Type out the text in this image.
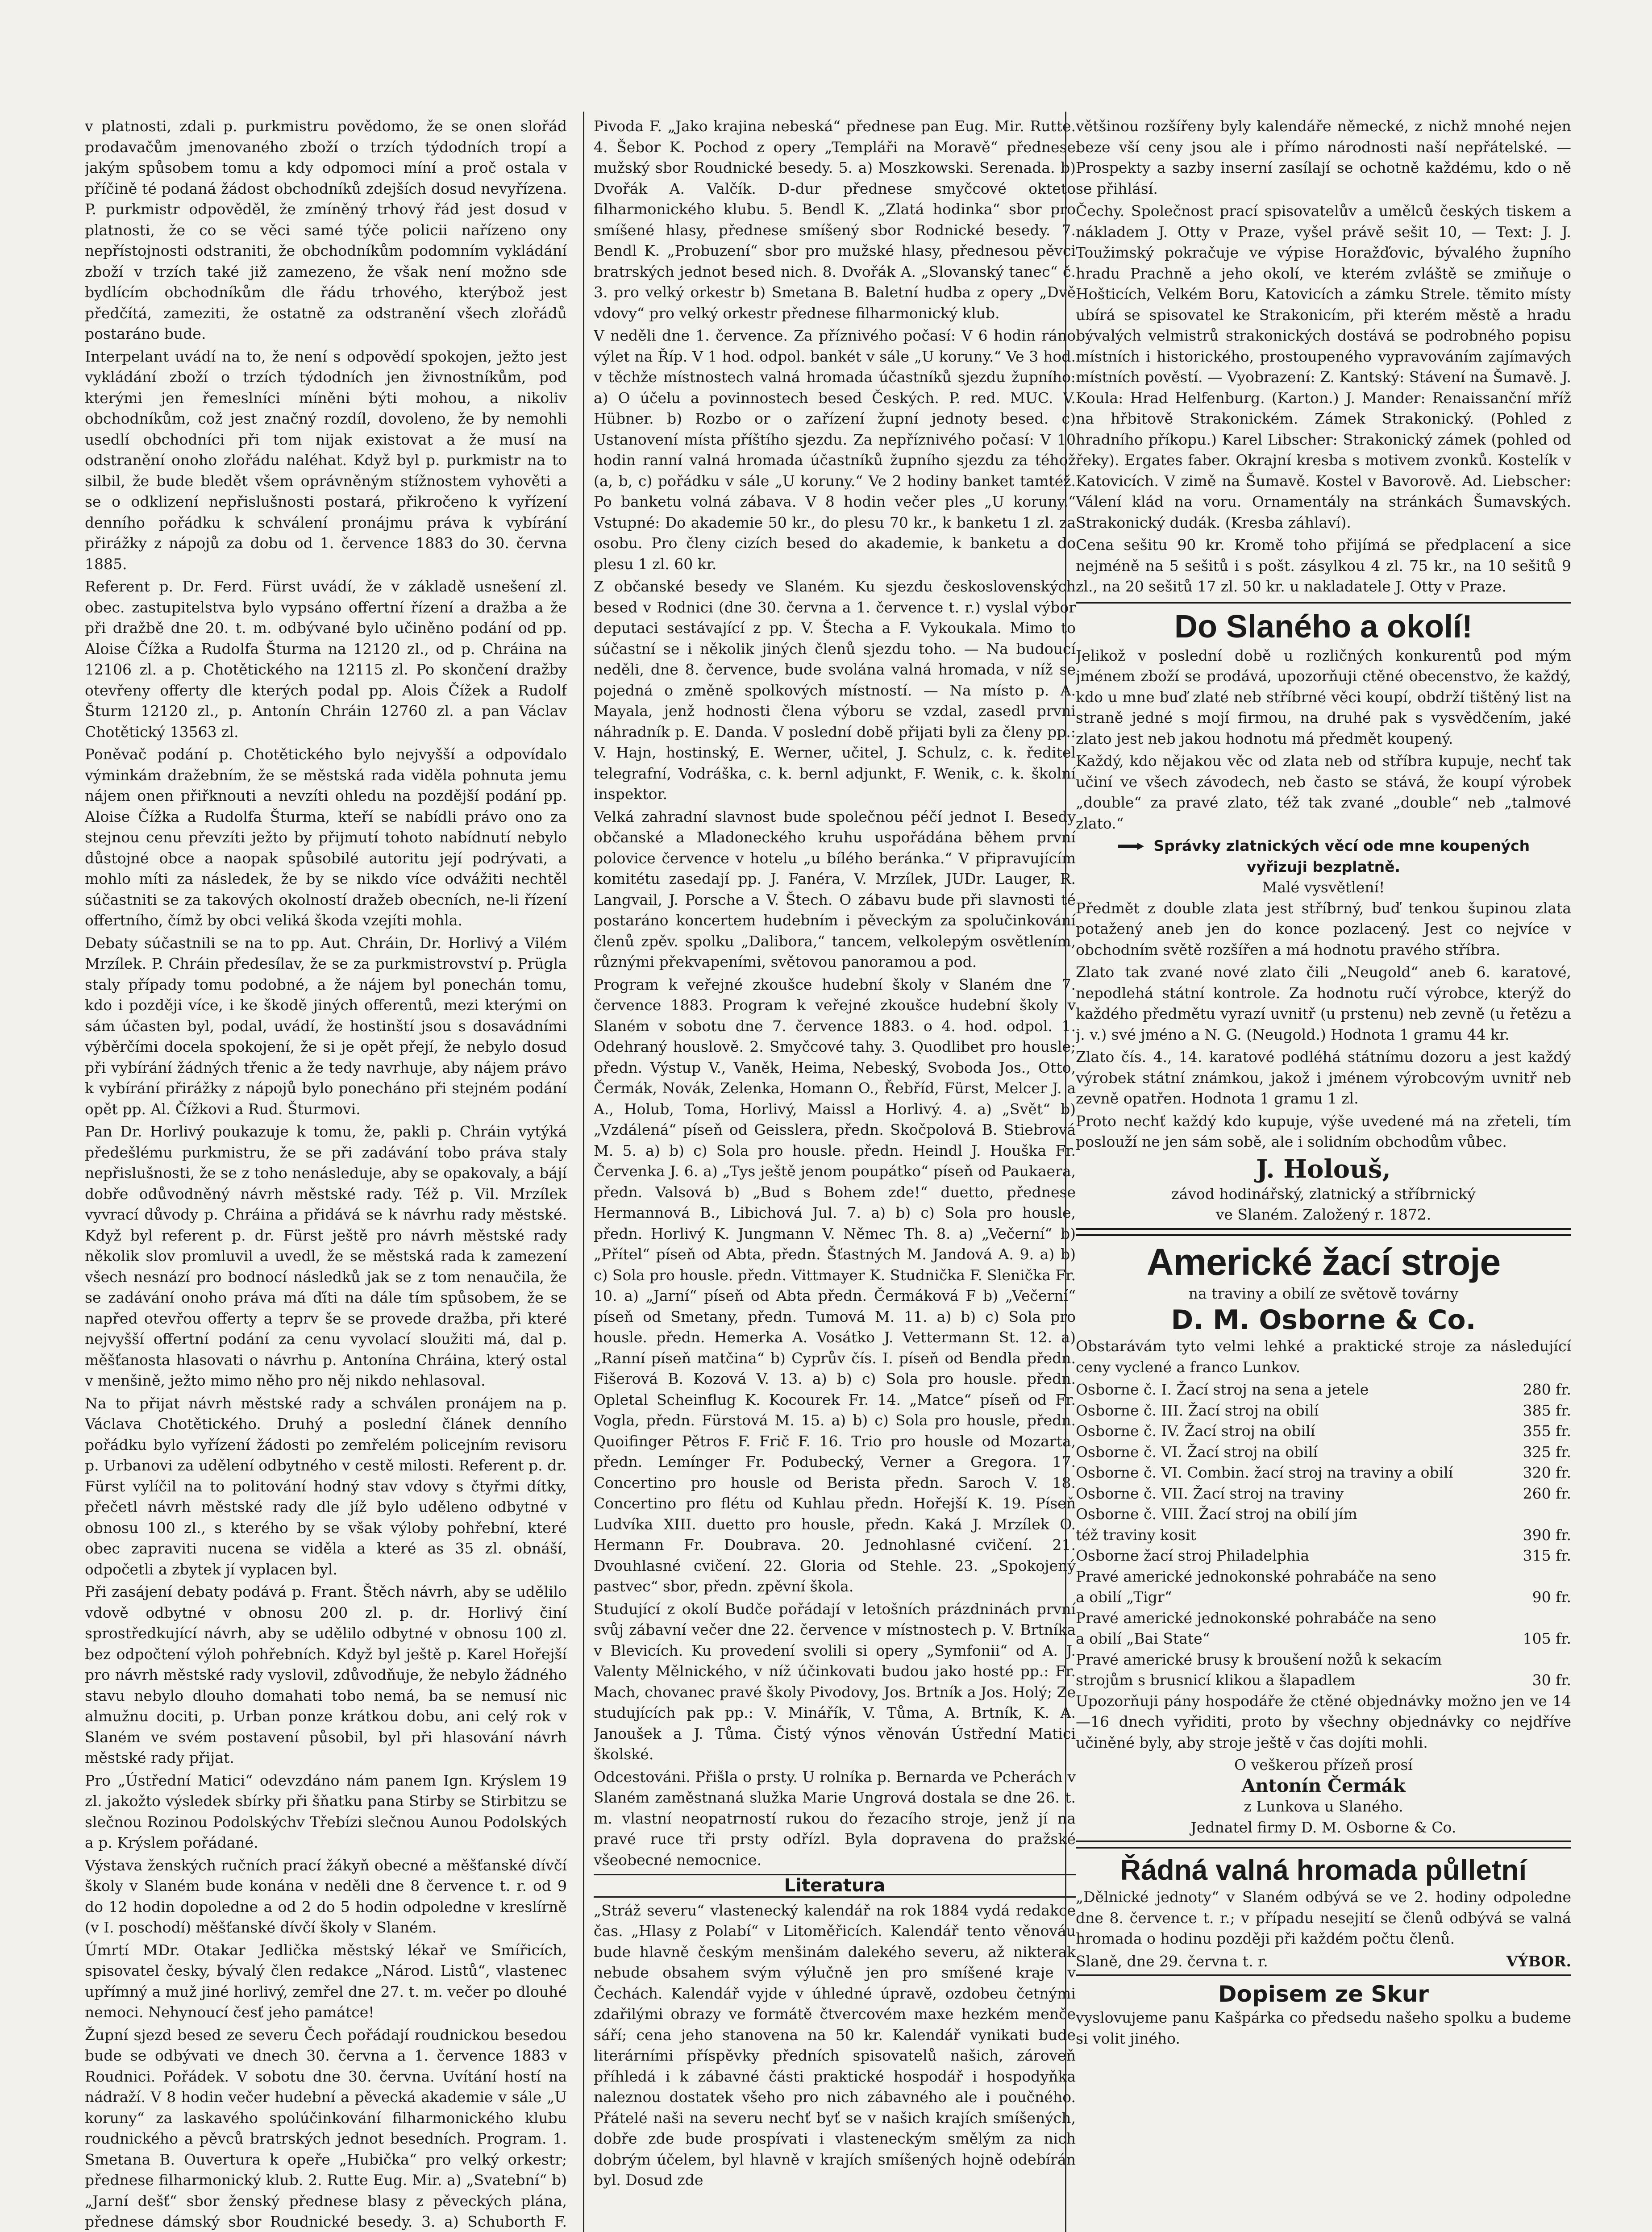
v platnosti, zdali p. purkmistru povědomo, že se onen slořád prodavačům jmenovaného zboží o trzích týdodních tropí a jakým spůsobem tomu a kdy odpomoci míní a proč ostala v příčině té podaná žádost obchodníků zdejších dosud nevyřízena. P. purkmistr odpověděl, že zmíněný trhový řád jest dosud v platnosti, že co se věci samé týče policii nařízeno ony nepřístojnosti odstraniti, že obchodníkům podomním vykládání zboží v trzích také již zamezeno, že však není možno sde bydlícím obchodníkům dle řádu trhového, kterýbož jest předčítá, zameziti, že ostatně za odstranění všech zlořádů postaráno bude.

Interpelant uvádí na to, že není s odpovědí spokojen, ježto jest vykládání zboží o trzích týdodních jen živnostníkům, pod kterými jen řemeslníci míněni býti mohou, a nikoliv obchodníkům, což jest značný rozdíl, dovoleno, že by nemohli usedlí obchodníci při tom nijak existovat a že musí na odstranění onoho zlořádu naléhat. Když byl p. purkmistr na to silbil, že bude bledět všem oprávněným stížnostem vyhověti a se o odklizení nepřislušnosti postará, přikročeno k vyřízení denního pořádku k schválení pronájmu práva k vybírání přirážky z nápojů za dobu od 1. července 1883 do 30. června 1885.

Referent p. Dr. Ferd. Fürst uvádí, že v základě usnešení zl. obec. zastupitelstva bylo vypsáno offertní řízení a dražba a že při dražbě dne 20. t. m. odbývané bylo učiněno podání od pp. Aloise Čížka a Rudolfa Šturma na 12120 zl., od p. Chráina na 12106 zl. a p. Chotětického na 12115 zl. Po skončení dražby otevřeny offerty dle kterých podal pp. Alois Čížek a Rudolf Šturm 12120 zl., p. Antonín Chráin 12760 zl. a pan Václav Chotětický 13563 zl.

Poněvač podání p. Chotětického bylo nejvyšší a odpovídalo výminkám dražebním, že se městská rada viděla pohnuta jemu nájem onen přiřknouti a nevzíti ohledu na pozdější podání pp. Aloise Čížka a Rudolfa Šturma, kteří se nabídli právo ono za stejnou cenu převzíti ježto by přijmutí tohoto nabídnutí nebylo důstojné obce a naopak spůsobilé autoritu její podrývati, a mohlo míti za následek, že by se nikdo více odvážiti nechtěl súčastniti se za takových okolností dražeb obecních, ne-li řízení offertního, čímž by obci veliká škoda vzejíti mohla.

Debaty súčastnili se na to pp. Aut. Chráin, Dr. Horlivý a Vilém Mrzílek. P. Chráin předesílav, že se za purkmistrovství p. Prügla staly případy tomu podobné, a že nájem byl ponechán tomu, kdo i později více, i ke škodě jiných offerentů, mezi kterými on sám účasten byl, podal, uvádí, že hostinští jsou s dosavádními výběrčími docela spokojení, že si je opět přejí, že nebylo dosud při vybírání žádných třenic a že tedy navrhuje, aby nájem právo k vybírání přirážky z nápojů bylo ponecháno při stejném podání opět pp. Al. Čížkovi a Rud. Šturmovi.

Pan Dr. Horlivý poukazuje k tomu, že, pakli p. Chráin vytýká předešlému purkmistru, že se při zadávání tobo práva staly nepřislušnosti, že se z toho nenásleduje, aby se opakovaly, a bájí dobře odůvodněný návrh městské rady. Též p. Vil. Mrzílek vyvrací důvody p. Chráina a přidává se k návrhu rady městské. Když byl referent p. dr. Fürst ještě pro návrh městské rady několik slov promluvil a uvedl, že se městská rada k zamezení všech nesnází pro bodnocí následků jak se z tom nenaučila, že se zadávání onoho práva má ďíti na dále tím spůsobem, že se napřed otevřou offerty a teprv še se provede dražba, při které nejvyšší offertní podání za cenu vyvolací sloužiti má, dal p. měšťanosta hlasovati o návrhu p. Antonína Chráina, který ostal v menšině, ježto mimo něho pro něj nikdo nehlasoval.

Na to přijat návrh městské rady a schválen pronájem na p. Václava Chotětického. Druhý a poslední článek denního pořádku bylo vyřízení žádosti po zemřelém policejním revisoru p. Urbanovi za udělení odbytného v cestě milosti. Referent p. dr. Fürst vylíčil na to politování hodný stav vdovy s čtyřmi dítky, přečetl návrh městské rady dle jíž bylo uděleno odbytné v obnosu 100 zl., s kterého by se však výloby pohřební, které obec zapraviti nucena se viděla a které as 35 zl. obnáší, odpočetli a zbytek jí vyplacen byl.

Při zasájení debaty podává p. Frant. Štěch návrh, aby se udělilo vdově odbytné v obnosu 200 zl. p. dr. Horlivý činí sprostředkující návrh, aby se udělilo odbytné v obnosu 100 zl. bez odpočtení výloh pohřebních. Když byl ještě p. Karel Hořejší pro návrh městské rady vyslovil, zdůvodňuje, že nebylo žádného stavu nebylo dlouho domahati tobo nemá, ba se nemusí nic almužnu dociti, p. Urban ponze krátkou dobu, ani celý rok v Slaném ve svém postavení působil, byl při hlasování návrh městské rady přijat.

Pro „Ústřední Matici“ odevzdáno nám panem Ign. Krýslem 19 zl. jakožto výsledek sbírky při šňatku pana Stirby se Stirbitzu se slečnou Rozinou Podolskýchv Třebízi slečnou Aunou Podolských a p. Krýslem pořádané.

Výstava ženských ručních prací žákyň obecné a měšťanské dívčí školy v Slaném bude konána v neděli dne 8 července t. r. od 9 do 12 hodin dopoledne a od 2 do 5 hodin odpoledne v kreslírně (v I. poschodí) měšťanské dívčí školy v Slaném.

Úmrtí MDr. Otakar Jedlička městský lékař ve Smířicích, spisovatel česky, bývalý člen redakce „Národ. Listů“, vlastenec upřímný a muž jiné horlivý, zemřel dne 27. t. m. večer po dlouhé nemoci. Nehynoucí česť jeho památce!

Župní sjezd besed ze severu Čech pořádají roudnickou besedou bude se odbývati ve dnech 30. června a 1. července 1883 v Roudnici. Pořádek. V sobotu dne 30. června. Uvítání hostí na nádraží. V 8 hodin večer hudební a pěvecká akademie v sále „U koruny“ za laskavého spolúčinkování filharmonického klubu roudnického a pěvců bratrských jednot besedních. Program. 1. Smetana B. Ouvertura k opeře „Hubička“ pro velký orkestr; přednese filharmonický klub. 2. Rutte Eug. Mir. a) „Svatební“ b) „Jarní dešť“ sbor ženský přednese blasy z pěveckých plána, přednese dámský sbor Roudnické besedy. 3. a) Schuborth F.

Pivoda F. „Jako krajina nebeská“ přednese pan Eug. Mir. Rutte. 4. Šebor K. Pochod z opery „Templáři na Moravě“ přednese mužský sbor Roudnické besedy. 5. a) Moszkowski. Serenada. b) Dvořák A. Valčík. D-dur přednese smyčcové okteto filharmonického klubu. 5. Bendl K. „Zlatá hodinka“ sbor pro smíšené hlasy, přednese smíšený sbor Rodnické besedy. 7. Bendl K. „Probuzení“ sbor pro mužské hlasy, přednesou pěvci bratrských jednot besed nich. 8. Dvořák A. „Slovanský tanec“ č. 3. pro velký orkestr b) Smetana B. Baletní hudba z opery „Dvě vdovy“ pro velký orkestr přednese filharmonický klub.

V neděli dne 1. července. Za příznivého počasí: V 6 hodin ráno výlet na Říp. V 1 hod. odpol. bankét v sále „U koruny.“ Ve 3 hod. v těchže místnostech valná hromada účastníků sjezdu župního: a) O účelu a povinnostech besed Českých. P. red. MUC. V. Hübner. b) Rozbo or o zařízení župní jednoty besed. c) Ustanovení místa příštího sjezdu. Za nepříznivého počasí: V 10 hodin ranní valná hromada účastníků župního sjezdu za téhož (a, b, c) pořádku v sále „U koruny.“ Ve 2 hodiny banket tamtéž. Po banketu volná zábava. V 8 hodin večer ples „U koruny.“ Vstupné: Do akademie 50 kr., do plesu 70 kr., k banketu 1 zl. za osobu. Pro členy cizích besed do akademie, k banketu a do plesu 1 zl. 60 kr.

Z občanské besedy ve Slaném. Ku sjezdu československých besed v Rodnici (dne 30. června a 1. července t. r.) vyslal výbor deputaci sestávající z pp. V. Štecha a F. Vykoukala. Mimo to súčastní se i několik jiných členů sjezdu toho. — Na budoucí neděli, dne 8. července, bude svolána valná hromada, v níž se pojedná o změně spolkových místností. — Na místo p. A. Mayala, jenž hodnosti člena výboru se vzdal, zasedl prvni náhradník p. E. Danda. V poslední době přijati byli za členy pp.: V. Hajn, hostinský, E. Werner, učitel, J. Schulz, c. k. ředitel telegrafní, Vodráška, c. k. bernl adjunkt, F. Wenik, c. k. školní inspektor.

Velká zahradní slavnost bude společnou péčí jednot I. Besedy občanské a Mladoneckého kruhu uspořádána během první polovice července v hotelu „u bílého beránka.“ V připravujícím komitétu zasedají pp. J. Fanéra, V. Mrzílek, JUDr. Lauger, R. Langvail, J. Porsche a V. Štech. O zábavu bude při slavnosti té postaráno koncertem hudebním i pěveckým za spolučinkování členů zpěv. spolku „Dalibora,“ tancem, velkolepým osvětlením, různými překvapeními, světovou panoramou a pod.

Program k veřejné zkoušce hudební školy v Slaném dne 7. července 1883. Program k veřejné zkoušce hudební školy v Slaném v sobotu dne 7. července 1883. o 4. hod. odpol. 1. Odehraný houslově. 2. Smyčcové tahy. 3. Quodlibet pro housle; předn. Výstup V., Vaněk, Heima, Nebeský, Svoboda Jos., Otto, Čermák, Novák, Zelenka, Homann O., Řebříd, Fürst, Melcer J. a A., Holub, Toma, Horlivý, Maissl a Horlivý. 4. a) „Svět“ b) „Vzdálená“ píseň od Geisslera, předn. Skočpolová B. Stiebrová M. 5. a) b) c) Sola pro housle. předn. Heindl J. Houška Fr. Červenka J. 6. a) „Tys ještě jenom poupátko“ píseň od Paukaera, předn. Valsová b) „Bud s Bohem zde!“ duetto, přednese Hermannová B., Libichová Jul. 7. a) b) c) Sola pro housle, předn. Horlivý K. Jungmann V. Němec Th. 8. a) „Večerní“ b) „Přítel“ píseň od Abta, předn. Šťastných M. Jandová A. 9. a) b) c) Sola pro housle. předn. Vittmayer K. Studnička F. Slenička Fr. 10. a) „Jarní“ píseň od Abta předn. Čermáková F b) „Večerní“ píseň od Smetany, předn. Tumová M. 11. a) b) c) Sola pro housle. předn. Hemerka A. Vosátko J. Vettermann St. 12. a) „Ranní píseň matčina“ b) Cyprův čís. I. píseň od Bendla předn. Fišerová B. Kozová V. 13. a) b) c) Sola pro housle. předn. Opletal Scheinflug K. Kocourek Fr. 14. „Matce“ píseň od Fr. Vogla, předn. Fürstová M. 15. a) b) c) Sola pro housle, předn. Quoifinger Pětros F. Frič F. 16. Trio pro housle od Mozarta, předn. Lemínger Fr. Podubecký, Verner a Gregora. 17. Concertino pro housle od Berista předn. Saroch V. 18. Concertino pro flétu od Kuhlau předn. Hořejší K. 19. Píseň Ludvíka XIII. duetto pro housle, předn. Kaká J. Mrzílek O. Hermann Fr. Doubrava. 20. Jednohlasné cvičení. 21. Dvouhlasné cvičení. 22. Gloria od Stehle. 23. „Spokojený pastvec“ sbor, předn. zpěvní škola.

Studující z okolí Budče pořádají v letošních prázdninách první svůj zábavní večer dne 22. července v místnostech p. V. Brtníka v Blevicích. Ku provedení svolili si opery „Symfonii“ od A. J. Valenty Mělnického, v níž účinkovati budou jako hosté pp.: Fr. Mach, chovanec pravé školy Pivodovy, Jos. Brtník a Jos. Holý; Ze studujících pak pp.: V. Minářík, V. Tůma, A. Brtník, K. A. Janoušek a J. Tůma. Čistý výnos věnován Ústřední Matici školské.

Odcestováni. Přišla o prsty. U rolníka p. Bernarda ve Pcherách v Slaném zaměstnaná služka Marie Ungrová dostala se dne 26. t. m. vlastní neopatrností rukou do řezacího stroje, jenž jí na pravé ruce tři prsty odřízl. Byla dopravena do pražské všeobecné nemocnice.

Literatura

„Stráž severu“ vlastenecký kalendář na rok 1884 vydá redakce čas. „Hlasy z Polabí“ v Litoměřicích. Kalendář tento věnováu bude hlavně českým menšinám dalekého severu, až nikterak nebude obsahem svým výlučně jen pro smíšené kraje v Čechách. Kalendář vyjde v úhledné úpravě, ozdobeu četnými zdařilými obrazy ve formátě čtvercovém maxe hezkém menče sáří; cena jeho stanovena na 50 kr. Kalendář vynikati bude literárními příspěvky předních spisovatelů našich, zároveň příhledá i k zábavné části praktické hospodář i hospodyňka naleznou dostatek všeho pro nich zábavného ale i poučného. Přátelé naši na severu nechť byť se v našich krajích smíšených, dobře zde bude prospívati i vlasteneckým smělým za nich dobrým účelem, byl hlavně v krajích smíšených hojně odebírán byl. Dosud zde

většinou rozšířeny byly kalendáře německé, z nichž mnohé nejen beze vší ceny jsou ale i přímo národnosti naší nepřátelské. — Prospekty a sazby inserní zasílají se ochotně každému, kdo o ně se přihlásí.

Čechy. Společnost prací spisovatelův a umělců českých tiskem a nákladem J. Otty v Praze, vyšel právě sešit 10, — Text: J. J. Toužimský pokračuje ve výpise Horažďovic, bývalého župního hradu Prachně a jeho okolí, ve kterém zvláště se zmiňuje o Hošticích, Velkém Boru, Katovicích a zámku Strele. těmito místy ubírá se spisovatel ke Strakonicím, při kterém městě a hradu bývalých velmistrů strakonických dostává se podrobného popisu místních i historického, prostoupeného vypravováním zajímavých místních pověstí. — Vyobrazení: Z. Kantský: Stávení na Šumavě. J. Koula: Hrad Helfenburg. (Karton.) J. Mander: Renaissanční mříž na hřbitově Strakonickém. Zámek Strakonický. (Pohled z hradního příkopu.) Karel Libscher: Strakonický zámek (pohled od řeky). Ergates faber. Okrajní kresba s motivem zvonků. Kostelík v Katovicích. V zimě na Šumavě. Kostel v Bavorově. Ad. Liebscher: Válení klád na voru. Ornamentály na stránkách Šumavských. Strakonický dudák. (Kresba záhlaví).

Cena sešitu 90 kr. Kromě toho přijímá se předplacení a sice nejméně na 5 sešitů i s pošt. zásylkou 4 zl. 75 kr., na 10 sešitů 9 zl., na 20 sešitů 17 zl. 50 kr. u nakladatele J. Otty v Praze.

Do Slaného a okolí!

Jelikož v poslední době u rozličných konkurentů pod mým jménem zboží se prodává, upozorňuji ctěné obecenstvo, že každý, kdo u mne buď zlaté neb stříbrné věci koupí, obdrží tištěný list na straně jedné s mojí firmou, na druhé pak s vysvědčením, jaké zlato jest neb jakou hodnotu má předmět koupený.

Každý, kdo nějakou věc od zlata neb od stříbra kupuje, nechť tak učiní ve všech závodech, neb často se stává, že koupí výrobek „double“ za pravé zlato, též tak zvané „double“ neb „talmové zlato.“

Správky zlatnických věcí ode mne koupených
vyřizuji bezplatně.
Malé vysvětlení!

Předmět z double zlata jest stříbrný, buď tenkou šupinou zlata potažený aneb jen do konce pozlacený. Jest co nejvíce v obchodním světě rozšířen a má hodnotu pravého stříbra.

Zlato tak zvané nové zlato čili „Neugold“ aneb 6. karatové, nepodlehá státní kontrole. Za hodnotu ručí výrobce, kterýž do každého předmětu vyrazí uvnitř (u prstenu) neb zevně (u řetězu a j. v.) své jméno a N. G. (Neugold.) Hodnota 1 gramu 44 kr.

Zlato čís. 4., 14. karatové podléhá státnímu dozoru a jest každý výrobek státní známkou, jakož i jménem výrobcovým uvnitř neb zevně opatřen. Hodnota 1 gramu 1 zl.

Proto nechť každý kdo kupuje, výše uvedené má na zřeteli, tím poslouží ne jen sám sobě, ale i solidním obchodům vůbec.

J. Holouš,
závod hodinářský, zlatnický a stříbrnický
ve Slaném. Založený r. 1872.
Americké žací stroje
na traviny a obilí ze světově továrny
D. M. Osborne & Co.

Obstarávám tyto velmi lehké a praktické stroje za následující ceny vyclené a franco Lunkov.

Osborne č. I. Žací stroj na sena a jetele	280 fr.
Osborne č. III. Žací stroj na obilí	385 fr.
Osborne č. IV. Žací stroj na obilí	355 fr.
Osborne č. VI. Žací stroj na obilí	325 fr.
Osborne č. VI. Combin. žací stroj na traviny a obilí	320 fr.
Osborne č. VII. Žací stroj na traviny	260 fr.
Osborne č. VIII. Žací stroj na obilí jím
též traviny kosit	390 fr.
Osborne žací stroj Philadelphia	315 fr.
Pravé americké jednokonské pohrabáče na seno
a obilí „Tigr“	90 fr.
Pravé americké jednokonské pohrabáče na seno
a obilí „Bai State“	105 fr.
Pravé americké brusy k broušení nožů k sekacím
strojům s brusnicí klikou a šlapadlem	30 fr.

Upozorňuji pány hospodáře že ctěné objednávky možno jen ve 14—16 dnech vyřiditi, proto by všechny objednávky co nejdříve učiněné byly, aby stroje ještě v čas dojíti mohli.

O veškerou přízeň prosí
Antonín Čermák
z Lunkova u Slaného.
Jednatel firmy D. M. Osborne & Co.
Řádná valná hromada půlletní

„Dělnické jednoty“ v Slaném odbývá se ve 2. hodiny odpoledne dne 8. července t. r.; v případu nesejití se členů odbývá se valná hromada o hodinu později při každém počtu členů.

Slaně, dne 29. června t. r.	VÝBOR.
Dopisem ze Skur

vyslovujeme panu Kašpárka co předsedu našeho spolku a budeme si volit jiného.
